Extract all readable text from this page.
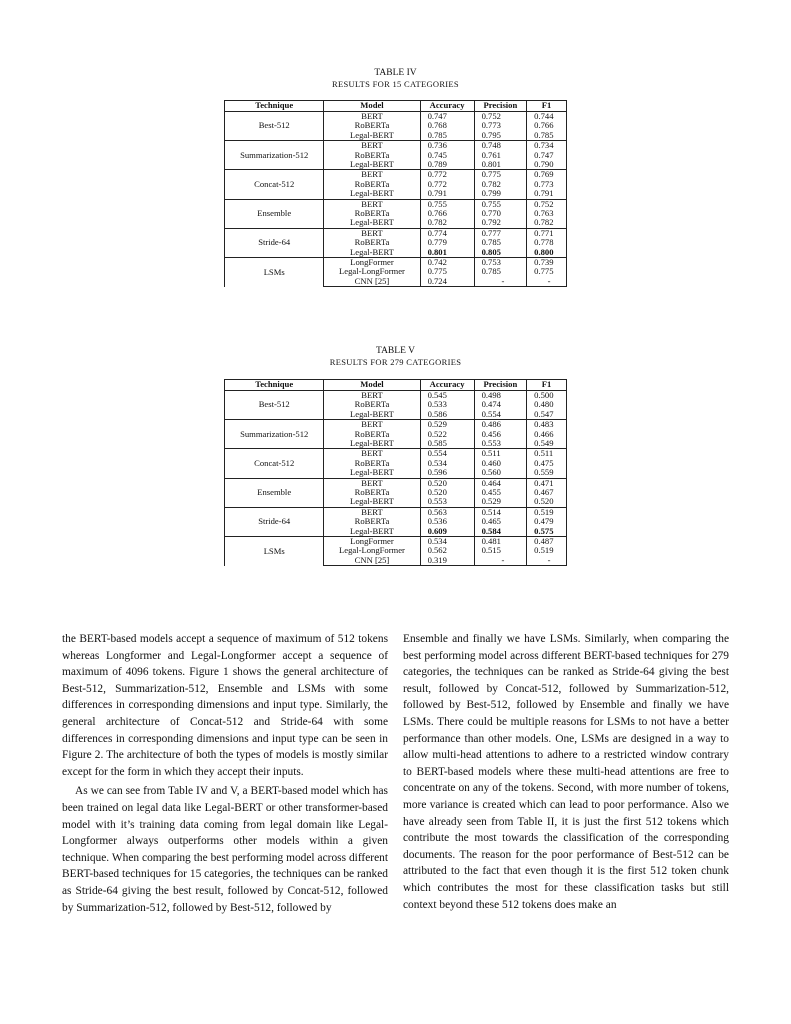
TABLE IV
RESULTS FOR 15 CATEGORIES
Technique	Model	Accuracy	Precision	F1
Best-512	BERT	0.747	0.752	0.744
	RoBERTa	0.768	0.773	0.766
	Legal-BERT	0.785	0.795	0.785
Summarization-512	BERT	0.736	0.748	0.734
	RoBERTa	0.745	0.761	0.747
	Legal-BERT	0.789	0.801	0.790
Concat-512	BERT	0.772	0.775	0.769
	RoBERTa	0.772	0.782	0.773
	Legal-BERT	0.791	0.799	0.791
Ensemble	BERT	0.755	0.755	0.752
	RoBERTa	0.766	0.770	0.763
	Legal-BERT	0.782	0.792	0.782
Stride-64	BERT	0.774	0.777	0.771
	RoBERTa	0.779	0.785	0.778
	Legal-BERT	0.801	0.805	0.800
LSMs	LongFormer	0.742	0.753	0.739
	Legal-LongFormer	0.775	0.785	0.775
	CNN [25]	0.724	-	-
TABLE V
RESULTS FOR 279 CATEGORIES
Technique	Model	Accuracy	Precision	F1
Best-512	BERT	0.545	0.498	0.500
	RoBERTa	0.533	0.474	0.480
	Legal-BERT	0.586	0.554	0.547
Summarization-512	BERT	0.529	0.486	0.483
	RoBERTa	0.522	0.456	0.466
	Legal-BERT	0.585	0.553	0.549
Concat-512	BERT	0.554	0.511	0.511
	RoBERTa	0.534	0.460	0.475
	Legal-BERT	0.596	0.560	0.559
Ensemble	BERT	0.520	0.464	0.471
	RoBERTa	0.520	0.455	0.467
	Legal-BERT	0.553	0.529	0.520
Stride-64	BERT	0.563	0.514	0.519
	RoBERTa	0.536	0.465	0.479
	Legal-BERT	0.609	0.584	0.575
LSMs	LongFormer	0.534	0.481	0.487
	Legal-LongFormer	0.562	0.515	0.519
	CNN [25]	0.319	-	-

the BERT-based models accept a sequence of maximum of 512 tokens whereas Longformer and Legal-Longformer accept a sequence of maximum of 4096 tokens. Figure 1 shows the general architecture of Best-512, Summarization-512, Ensemble and LSMs with some differences in corresponding dimensions and input type. Similarly, the general architecture of Concat-512 and Stride-64 with some differences in corresponding dimensions and input type can be seen in Figure 2. The architecture of both the types of models is mostly similar except for the form in which they accept their inputs.

As we can see from Table IV and V, a BERT-based model which has been trained on legal data like Legal-BERT or other transformer-based model with it’s training data coming from legal domain like Legal-Longformer always outperforms other models within a given technique. When comparing the best performing model across different BERT-based techniques for 15 categories, the techniques can be ranked as Stride-64 giving the best result, followed by Concat-512, followed by Summarization-512, followed by Best-512, followed by

Ensemble and finally we have LSMs. Similarly, when comparing the best performing model across different BERT-based techniques for 279 categories, the techniques can be ranked as Stride-64 giving the best result, followed by Concat-512, followed by Summarization-512, followed by Best-512, followed by Ensemble and finally we have LSMs. There could be multiple reasons for LSMs to not have a better performance than other models. One, LSMs are designed in a way to allow multi-head attentions to adhere to a restricted window contrary to BERT-based models where these multi-head attentions are free to concentrate on any of the tokens. Second, with more number of tokens, more variance is created which can lead to poor performance. Also we have already seen from Table II, it is just the first 512 tokens which contribute the most towards the classification of the corresponding documents. The reason for the poor performance of Best-512 can be attributed to the fact that even though it is the first 512 token chunk which contributes the most for these classification tasks but still context beyond these 512 tokens does make an
